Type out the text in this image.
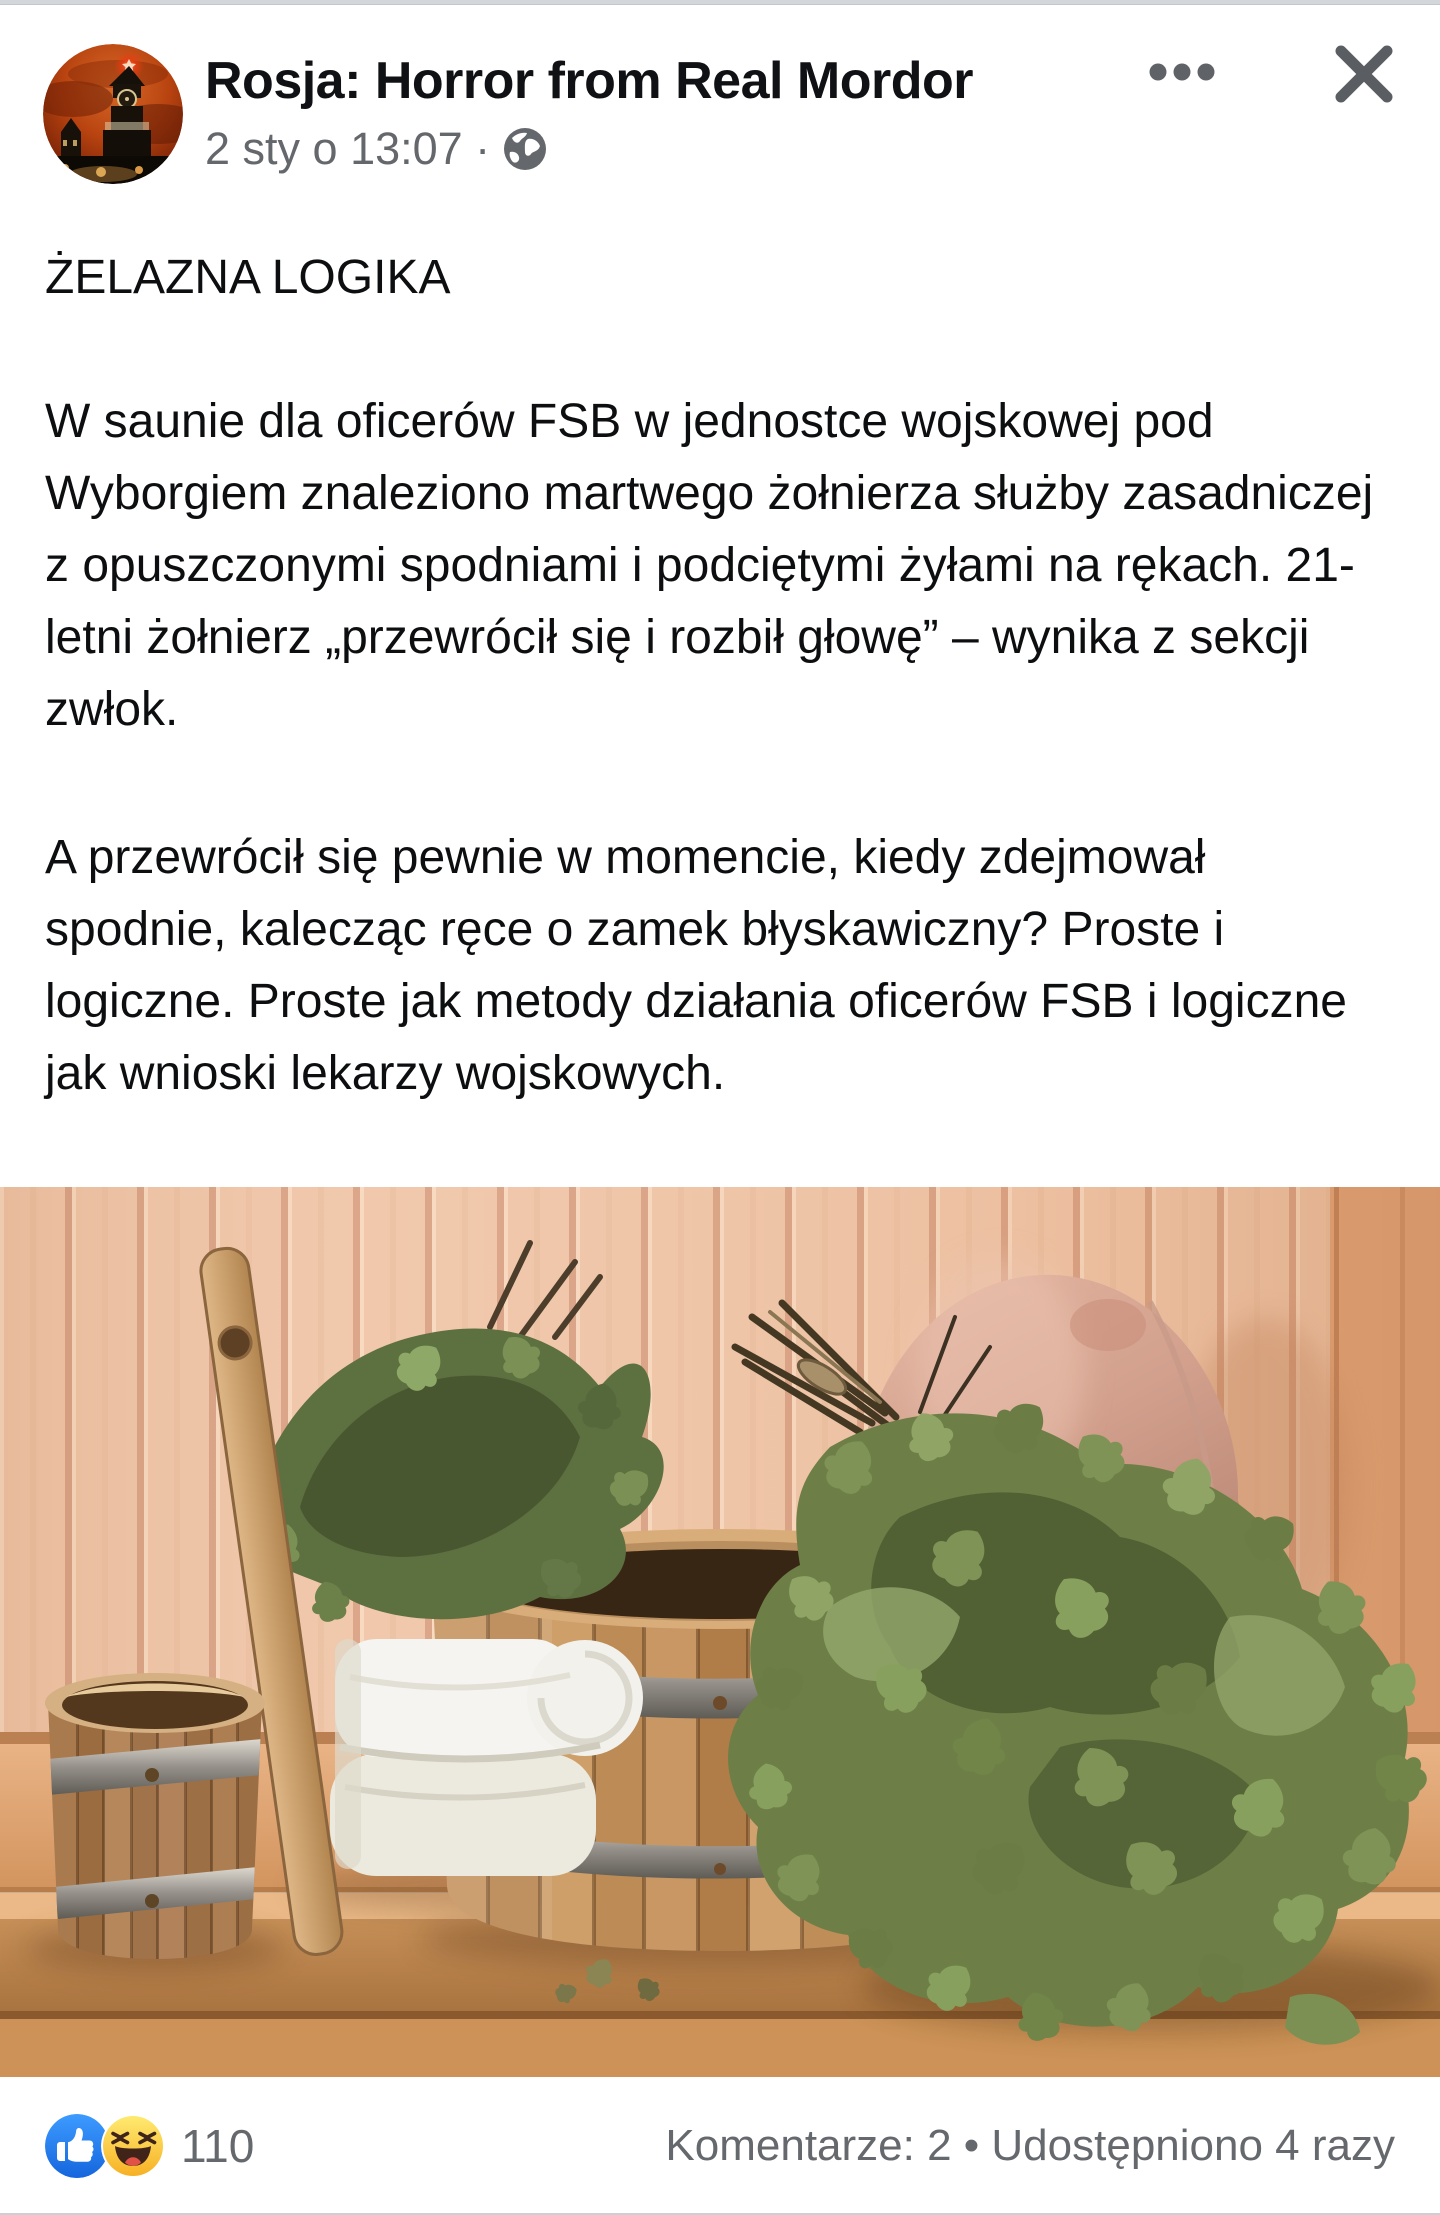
Rosja: Horror from Real Mordor
2 sty o 13:07 ·

ŻELAZNA LOGIKA

W saunie dla oficerów FSB w jednostce wojskowej pod Wyborgiem znaleziono martwego żołnierza służby zasadniczej z opuszczonymi spodniami i podciętymi żyłami na rękach. 21-letni żołnierz „przewrócił się i rozbił głowę” – wynika z sekcji zwłok.

A przewrócił się pewnie w momencie, kiedy zdejmował spodnie, kalecząc ręce o zamek błyskawiczny? Proste i logiczne. Proste jak metody działania oficerów FSB i logiczne jak wnioski lekarzy wojskowych.

110	Komentarze: 2 • Udostępniono 4 razy
